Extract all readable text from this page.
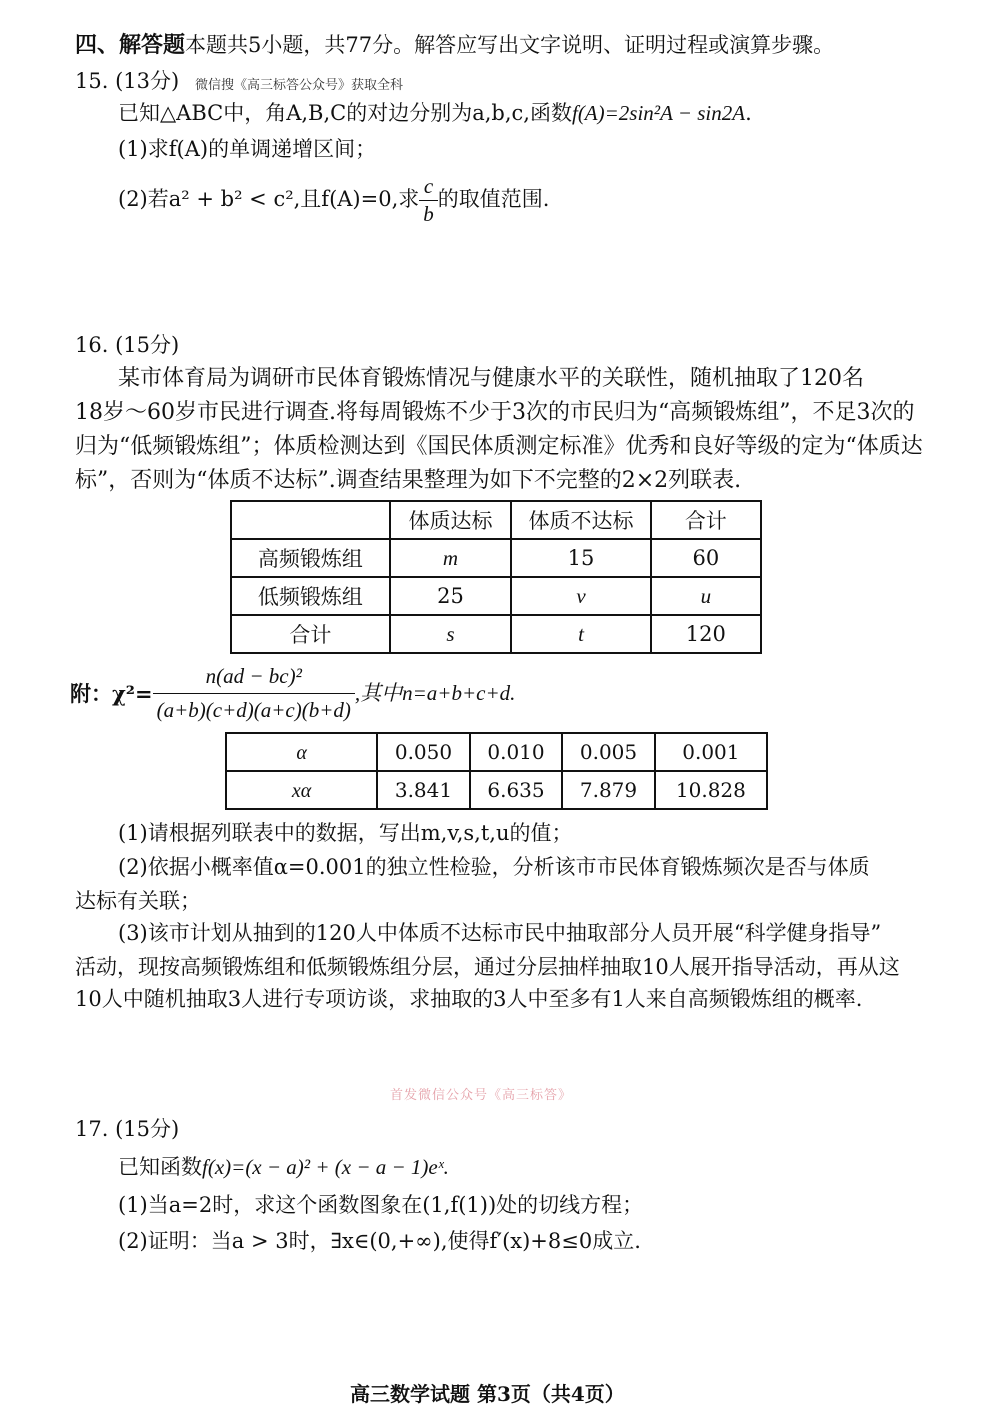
四、解答题本题共5小题，共77分。解答应写出文字说明、证明过程或演算步骤。
15. (13分) 微信搜《高三标答公众号》获取全科
已知△ABC中，角A,B,C的对边分别为a,b,c,函数f(A)=2sin²A − sin2A.
(1)求f(A)的单调递增区间；
(2)若a² + b² < c²,且f(A)=0,求 $\frac{c}{b}$ 的取值范围.
16. (15分)
某市体育局为调研市民体育锻炼情况与健康水平的关联性，随机抽取了120名
18岁～60岁市民进行调查.将每周锻炼不少于3次的市民归为“高频锻炼组”，不足3次的
归为“低频锻炼组”；体质检测达到《国民体质测定标准》优秀和良好等级的定为“体质达
标”，否则为“体质不达标”.调查结果整理为如下不完整的2×2列联表.
	体质达标	体质不达标	合计
高频锻炼组	m	15	60
低频锻炼组	25	v	u
合计	s	t	120
附：$\chi^2= \frac{\text{n(ad − bc)²}}{(a+b)(c+d)(a+c)(b+d)}$ ,其中n=a+b+c+d.
α	0.050	0.010	0.005	0.001
xα	3.841	6.635	7.879	10.828
(1)请根据列联表中的数据，写出m,v,s,t,u的值；
(2)依据小概率值α=0.001的独立性检验，分析该市市民体育锻炼频次是否与体质
达标有关联；
(3)该市计划从抽到的120人中体质不达标市民中抽取部分人员开展“科学健身指导”
活动，现按高频锻炼组和低频锻炼组分层，通过分层抽样抽取10人展开指导活动，再从这
10人中随机抽取3人进行专项访谈，求抽取的3人中至多有1人来自高频锻炼组的概率.
首发微信公众号《高三标答》
17. (15分)
已知函数f(x)=(x − a)² + (x − a − 1)eˣ.
(1)当a=2时，求这个函数图象在(1,f(1))处的切线方程；
(2)证明：当a > 3时，∃x∈(0,+∞),使得f′(x)+8≤0成立.
高三数学试题 第3页（共4页）
